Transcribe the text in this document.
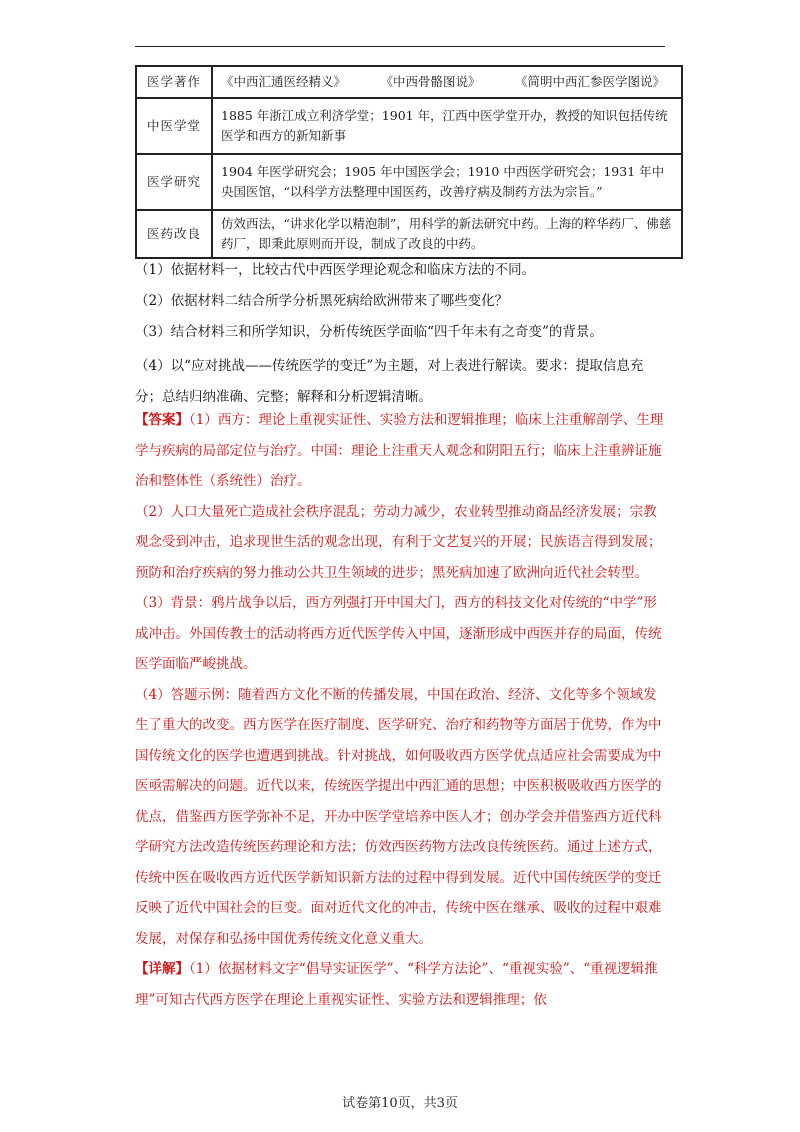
医学著作	《中西汇通医经精义》 《中西骨骼图说》 《简明中西汇参医学图说》

中医学堂	1885 年浙江成立利济学堂；1901 年，江西中医学堂开办，教授的知识包括传统医学和西方的新知新事
医学研究	1904 年医学研究会；1905 年中国医学会；1910 中西医学研究会；1931 年中央国医馆，“以科学方法整理中国医药，改善疗病及制药方法为宗旨。”
医药改良	仿效西法，“讲求化学以精泡制”，用科学的新法研究中药。上海的粹华药厂、佛慈药厂，即秉此原则而开设，制成了改良的中药。
（1）依据材料一，比较古代中西医学理论观念和临床方法的不同。
（2）依据材料二结合所学分析黑死病给欧洲带来了哪些变化？
（3）结合材料三和所学知识，分析传统医学面临“四千年未有之奇变”的背景。
（4）以“应对挑战——传统医学的变迁”为主题，对上表进行解读。要求：提取信息充分；总结归纳准确、完整；解释和分析逻辑清晰。

【答案】（1）西方：理论上重视实证性、实验方法和逻辑推理；临床上注重解剖学、生理学与疾病的局部定位与治疗。中国：理论上注重天人观念和阴阳五行；临床上注重辨证施治和整体性（系统性）治疗。

（2）人口大量死亡造成社会秩序混乱；劳动力减少，农业转型推动商品经济发展；宗教观念受到冲击，追求现世生活的观念出现，有利于文艺复兴的开展；民族语言得到发展；预防和治疗疾病的努力推动公共卫生领域的进步；黑死病加速了欧洲向近代社会转型。

（3）背景：鸦片战争以后，西方列强打开中国大门，西方的科技文化对传统的“中学”形成冲击。外国传教士的活动将西方近代医学传入中国，逐渐形成中西医并存的局面，传统医学面临严峻挑战。

（4）答题示例：随着西方文化不断的传播发展，中国在政治、经济、文化等多个领域发生了重大的改变。西方医学在医疗制度、医学研究、治疗和药物等方面居于优势，作为中国传统文化的医学也遭遇到挑战。针对挑战，如何吸收西方医学优点适应社会需要成为中医亟需解决的问题。近代以来，传统医学提出中西汇通的思想；中医积极吸收西方医学的优点，借鉴西方医学弥补不足，开办中医学堂培养中医人才；创办学会并借鉴西方近代科学研究方法改造传统医药理论和方法；仿效西医药物方法改良传统医药。通过上述方式，传统中医在吸收西方近代医学新知识新方法的过程中得到发展。近代中国传统医学的变迁反映了近代中国社会的巨变。面对近代文化的冲击，传统中医在继承、吸收的过程中艰难发展，对保存和弘扬中国优秀传统文化意义重大。

【详解】（1）依据材料文字“倡导实证医学”、“科学方法论”、“重视实验”、“重视逻辑推理”可知古代西方医学在理论上重视实证性、实验方法和逻辑推理；依

试卷第10页，共3页
